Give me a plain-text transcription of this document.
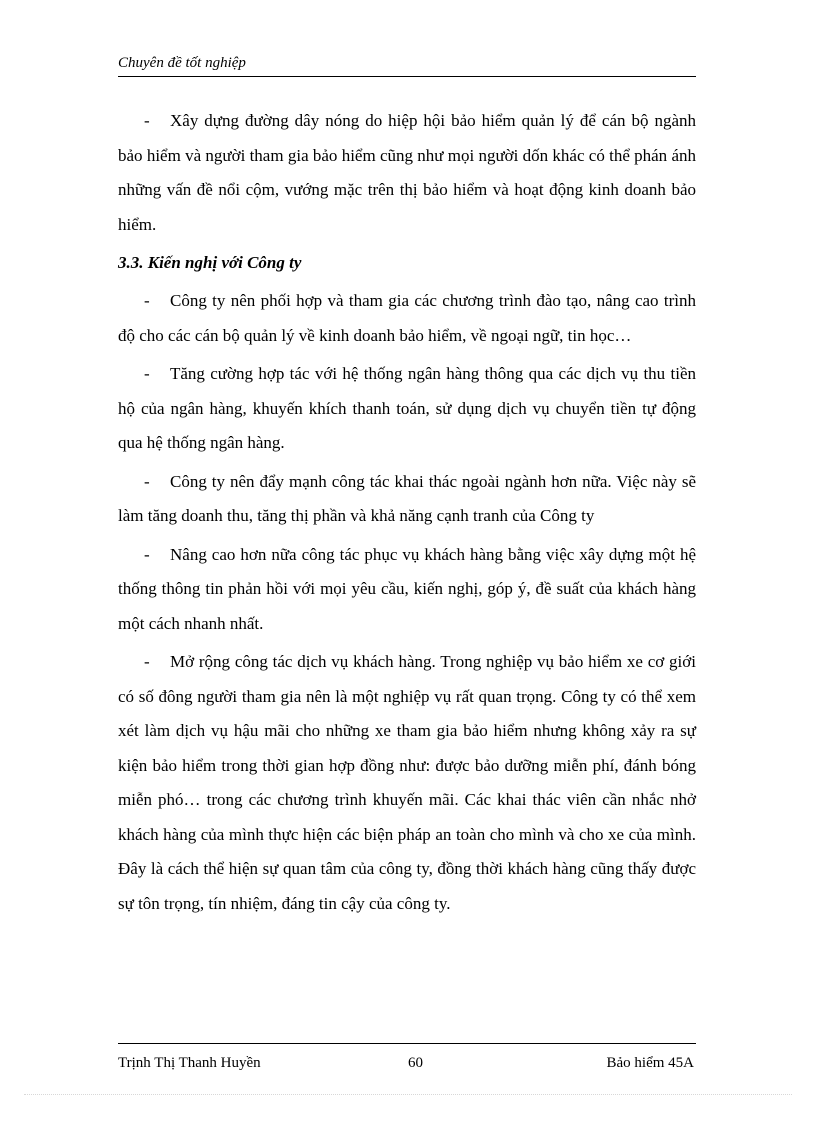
Chuyên đề tốt nghiệp

- Xây dựng đường dây nóng do hiệp hội bảo hiểm quản lý để cán bộ ngành bảo hiểm và người tham gia bảo hiểm cũng như mọi người dốn khác có thể phán ánh những vấn đề nổi cộm, vướng mặc trên thị bảo hiểm và hoạt động kinh doanh bảo hiểm.

3.3. Kiến nghị với Công ty

- Công ty nên phối hợp và tham gia các chương trình đào tạo, nâng cao trình độ cho các cán bộ quản lý về kinh doanh bảo hiểm, về ngoại ngữ, tin học…

- Tăng cường hợp tác với hệ thống ngân hàng thông qua các dịch vụ thu tiền hộ của ngân hàng, khuyến khích thanh toán, sử dụng dịch vụ chuyển tiền tự động qua hệ thống ngân hàng.

- Công ty nên đẩy mạnh công tác khai thác ngoài ngành hơn nữa. Việc này sẽ làm tăng doanh thu, tăng thị phần và khả năng cạnh tranh của Công ty

- Nâng cao hơn nữa công tác phục vụ khách hàng bằng việc xây dựng một hệ thống thông tin phản hồi với mọi yêu cầu, kiến nghị, góp ý, đề suất của khách hàng một cách nhanh nhất.

- Mở rộng công tác dịch vụ khách hàng. Trong nghiệp vụ bảo hiểm xe cơ giới có số đông người tham gia nên là một nghiệp vụ rất quan trọng. Công ty có thể xem xét làm dịch vụ hậu mãi cho những xe tham gia bảo hiểm nhưng không xảy ra sự kiện bảo hiểm trong thời gian hợp đồng như: được bảo dưỡng miễn phí, đánh bóng miễn phó… trong các chương trình khuyến mãi. Các khai thác viên cần nhắc nhở khách hàng của mình thực hiện các biện pháp an toàn cho mình và cho xe của mình. Đây là cách thể hiện sự quan tâm của công ty, đồng thời khách hàng cũng thấy được sự tôn trọng, tín nhiệm, đáng tin cậy của công ty.

Trịnh Thị Thanh Huyền	60	Bảo hiểm 45A
